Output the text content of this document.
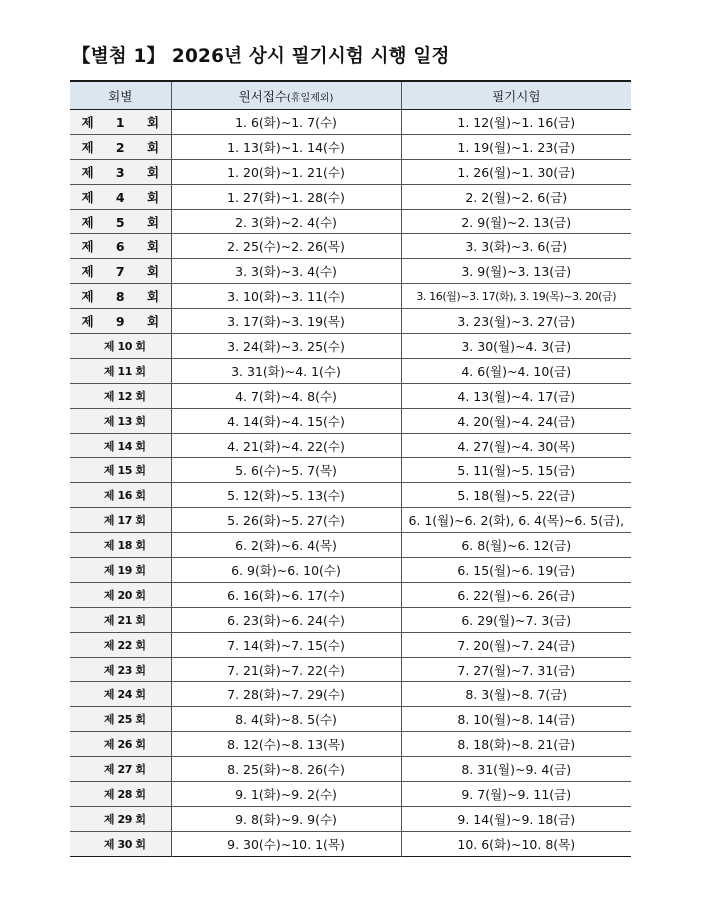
【별첨 1】 2026년 상시 필기시험 시행 일정
회별	원서접수(휴일제외)	필기시험
제 1 회	1. 6(화)~1. 7(수)	1. 12(월)~1. 16(금)
제 2 회	1. 13(화)~1. 14(수)	1. 19(월)~1. 23(금)
제 3 회	1. 20(화)~1. 21(수)	1. 26(월)~1. 30(금)
제 4 회	1. 27(화)~1. 28(수)	2. 2(월)~2. 6(금)
제 5 회	2. 3(화)~2. 4(수)	2. 9(월)~2. 13(금)
제 6 회	2. 25(수)~2. 26(목)	3. 3(화)~3. 6(금)
제 7 회	3. 3(화)~3. 4(수)	3. 9(월)~3. 13(금)
제 8 회	3. 10(화)~3. 11(수)	3. 16(월)~3. 17(화), 3. 19(목)~3. 20(금)
제 9 회	3. 17(화)~3. 19(목)	3. 23(월)~3. 27(금)
제 10 회	3. 24(화)~3. 25(수)	3. 30(월)~4. 3(금)
제 11 회	3. 31(화)~4. 1(수)	4. 6(월)~4. 10(금)
제 12 회	4. 7(화)~4. 8(수)	4. 13(월)~4. 17(금)
제 13 회	4. 14(화)~4. 15(수)	4. 20(월)~4. 24(금)
제 14 회	4. 21(화)~4. 22(수)	4. 27(월)~4. 30(목)
제 15 회	5. 6(수)~5. 7(목)	5. 11(월)~5. 15(금)
제 16 회	5. 12(화)~5. 13(수)	5. 18(월)~5. 22(금)
제 17 회	5. 26(화)~5. 27(수)	6. 1(월)~6. 2(화), 6. 4(목)~6. 5(금),
제 18 회	6. 2(화)~6. 4(목)	6. 8(월)~6. 12(금)
제 19 회	6. 9(화)~6. 10(수)	6. 15(월)~6. 19(금)
제 20 회	6. 16(화)~6. 17(수)	6. 22(월)~6. 26(금)
제 21 회	6. 23(화)~6. 24(수)	6. 29(월)~7. 3(금)
제 22 회	7. 14(화)~7. 15(수)	7. 20(월)~7. 24(금)
제 23 회	7. 21(화)~7. 22(수)	7. 27(월)~7. 31(금)
제 24 회	7. 28(화)~7. 29(수)	8. 3(월)~8. 7(금)
제 25 회	8. 4(화)~8. 5(수)	8. 10(월)~8. 14(금)
제 26 회	8. 12(수)~8. 13(목)	8. 18(화)~8. 21(금)
제 27 회	8. 25(화)~8. 26(수)	8. 31(월)~9. 4(금)
제 28 회	9. 1(화)~9. 2(수)	9. 7(월)~9. 11(금)
제 29 회	9. 8(화)~9. 9(수)	9. 14(월)~9. 18(금)
제 30 회	9. 30(수)~10. 1(목)	10. 6(화)~10. 8(목)
